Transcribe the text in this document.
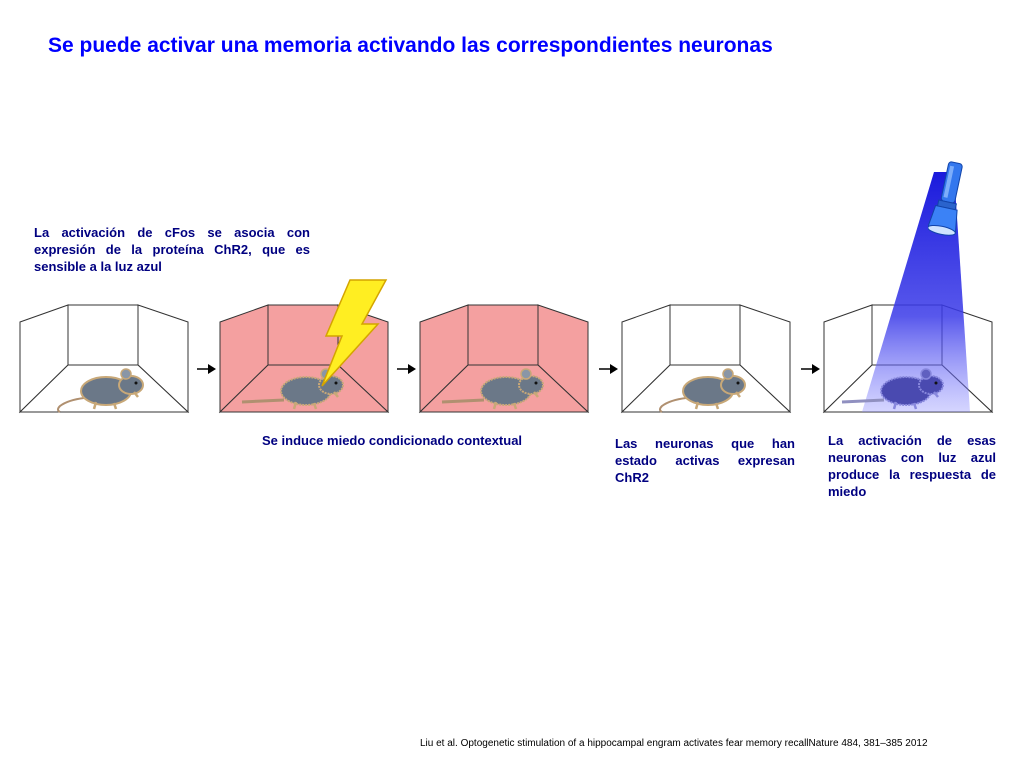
Se puede activar una memoria activando las correspondientes neuronas
La activación de cFos se asocia con expresión de la proteína ChR2, que es sensible a la luz azul
Se induce miedo condicionado contextual	Las neuronas que han estado activas expresan ChR2
La activación de esas neuronas con luz azul produce la respuesta de miedo
Liu et al. Optogenetic stimulation of a hippocampal engram activates fear memory recallNature 484, 381–385 2012
